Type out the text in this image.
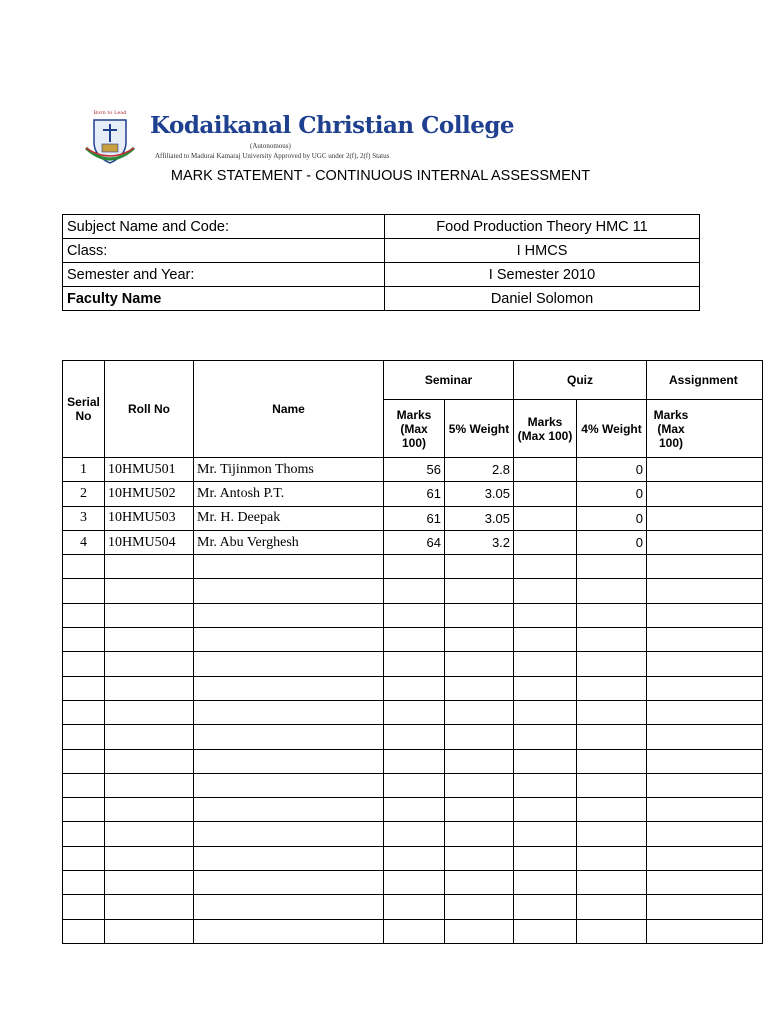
Born to Lead Kodaikanal Christian College
(Autonomous)
Affiliated to Madurai Kamaraj University Approved by UGC under 2(f), 2(f) Status
MARK STATEMENT - CONTINUOUS INTERNAL ASSESSMENT
Subject Name and Code:	Food Production Theory HMC 11
Class:	I HMCS
Semester and Year:	I Semester 2010
Faculty Name	Daniel Solomon
Serial No	Roll No	Name	Seminar		Quiz		Assignment
			Marks (Max 100)	5% Weight	Marks (Max 100)	4% Weight	Marks (Max 100)

1	10HMU501	Mr. Tijinmon Thoms	56	2.8		0	
2	10HMU502	Mr. Antosh P.T.	61	3.05		0	
3	10HMU503	Mr. H. Deepak	61	3.05		0	
4	10HMU504	Mr. Abu Verghesh	64	3.2		0	
